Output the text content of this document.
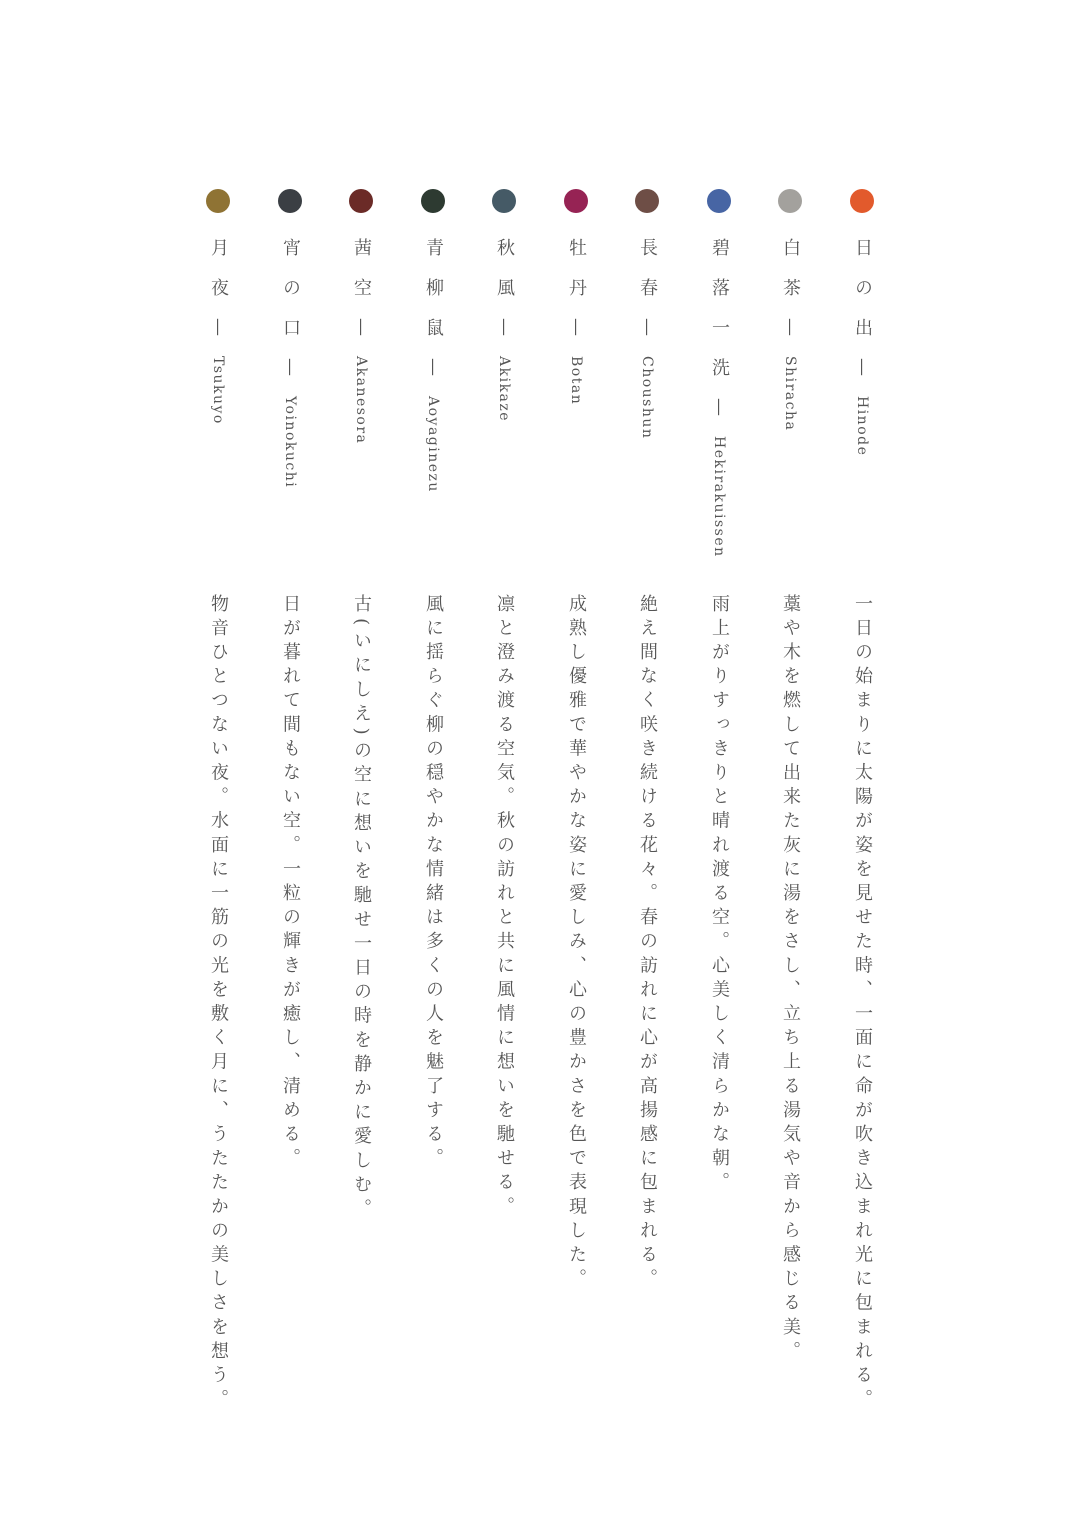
日の出—Hinode
一日の始まりに太陽が姿を見せた時、一面に命が吹き込まれ光に包まれる。
白茶—Shiracha
藁や木を燃して出来た灰に湯をさし、立ち上る湯気や音から感じる美。
碧落一洗—Hekirakuissen
雨上がりすっきりと晴れ渡る空。心美しく清らかな朝。
長春—Choushun
絶え間なく咲き続ける花々。春の訪れに心が高揚感に包まれる。
牡丹—Botan
成熟し優雅で華やかな姿に愛しみ、心の豊かさを色で表現した。
秋風—Akikaze
凛と澄み渡る空気。秋の訪れと共に風情に想いを馳せる。
青柳鼠—Aoyaginezu
風に揺らぐ柳の穏やかな情緒は多くの人を魅了する。
茜空—Akanesora
古(いにしえ)の空に想いを馳せ一日の時を静かに愛しむ。
宵の口—Yoinokuchi
日が暮れて間もない空。一粒の輝きが癒し、清める。
月夜—Tsukuyo
物音ひとつない夜。水面に一筋の光を敷く月に、うたたかの美しさを想う。
